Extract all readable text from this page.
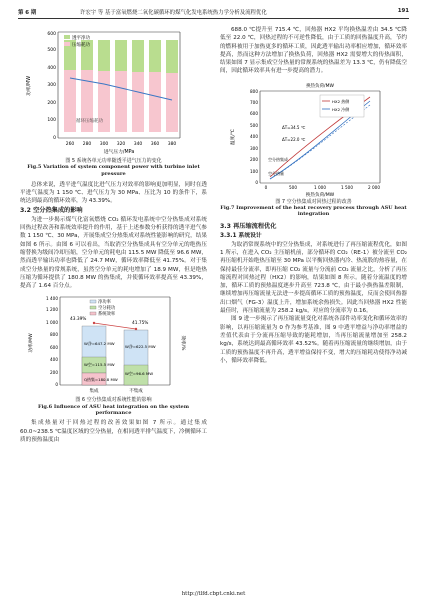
第 6 期	许宏宇 等 基于富氧燃烧二氧化碳循环的煤气化发电系统热力学分析及流程优化	191
透平净功
压缩耗功
循环压缩耗功
0
100
200
300
400
500
600
260 280 300 320 340 360 380
进气压力/MPa
功率/MW
图 5 系统各单元功率随透平进气压力的变化
Fig.5 Variation of system component power with turbine inlet pressure

总体来说，透平进气温度比进气压力对效率的影响更加明显，同时在透平进气温度为 1 150 ℃、进气压力为 30 MPa、压比为 10 的条件下，系统达到最高的循环效率，为 43.39%。

3.2 空分热集成的影响

为进一步揭示煤气化富氧燃烧 CO₂ 循环发电系统中空分热集成对系统回热过程改善和系统效率提升的作用，基于上述参数分析获得的透平进气参数 1 150 ℃、30 MPa，开展集成空分热集成对系统性能影响的研究，结果如图 6 所示。由图 6 可以看出，当取消空分热集成具有空分单元的绝热压缩替换为级间冷却压缩，空分单元的耗电由 115.5 MW 降低至 96.6 MW，然而透平输出功率也降低了 24.7 MW，循环效率降低至 41.75%。对于集成空分热量的常规系统，虽然空分单元的耗电增加了 18.9 MW，但是绝热压缩为循环提供了 180.8 MW 的热集成，并使循环效率提高至 43.39%，提高了 1.64 百分点。

净功率
空分耗功
系统效率
43.39%
41.75%
W净=647.2 MW
W净=622.5 MW
W空=115.5 MW
W空=96.6 MW
Q热集=180.8 MW
0
200
400
600
800
1 000
1 200
1 400
集成	不集成
功率/MW	效率/%
图 6 空分热集成对系统性能的影响
Fig.6 Influence of ASU heat integration on the system performance

集成热量对于回热过程的改善效果如图 7 所示。通过集成 60.0~238.5 ℃温度区域的空分热量，在相同透平排气温度下，冷侧循环工质的预热温度由

688.0 ℃提升至 715.4 ℃，回热器 HX2 平均换热温差由 34.5 ℃降低至 22.0 ℃，回热过程的不可逆性降低，由于工质的回热温度升高，节约的燃料被用于加热更多的循环工质，因此透平输出功率相应增加，循环效率提高，然而这种方法增加了换热负荷，回热器 HX2 需要增大的传热面积，结果如图 7 显示集成空分热量的常规系统的热温差为 13.3 ℃，仍有降低空间，因此循环效率具有进一步提高的潜力。

换热负荷/MW
HX2 热侧
HX2 冷侧
ΔT=34.5 ℃
ΔT=22.0 ℃
空分热集成
空分热量
0
100
200
300
400
500
600
700
800
0	500	1 000	1 500	2 000
换热负荷/MW
温度/℃
图 7 空分热集成对回热过程的改善
Fig.7 Improvement of the heat recovery process through ASU heat integration
3.3 再压缩流程优化
3.3.1 系统设计

为取消常规系统中的空分热集成，对系统进行了再压缩流程优化，如图 1 所示，在进入 CO₂ 主压缩机前，部分循环的 CO₂（RE-1）被分流至 CO₂ 再压缩机开始绝热压缩至 30 MPa 以平衡回热器内冷、热流股的热容量，在保持最佳分流率，即再压缩 CO₂ 流量与分流前 CO₂ 流量之比，分析了再压缩流程对回热过程（HX2）的影响，结果如图 8 所示。随着分流温度的增加，循环工质的预热温度逐步升高至 723.8 ℃，由于最小换热温差限制，继续增加再压缩流量无法进一步提高循环工质的预热温度，反而会使回热器出口烟气（FG-3）温度上升，增加系统余热损失。因此当回热器 HX2 性能最佳时，再压缩流量为 258.2 kg/s，对应的分流率为 0.16。

图 9 进一步揭示了再压缩流量变化对系统各部件功率变化和循环效率的影响，以再压缩流量为 0 作为参考基准，图 9 中透平增益与净功率增益的差值代表由于分流再压缩导致的能耗增加，当再压缩流量增加至 258.2 kg/s，系统达到最高循环效率 43.52%。随着再压缩流量的继续增加，由于工质的预热温度不再升高，透平增益保持不变，增大的压缩耗功使得净功减小，循环效率降低。

http://tlfd.cbpt.cnki.net
